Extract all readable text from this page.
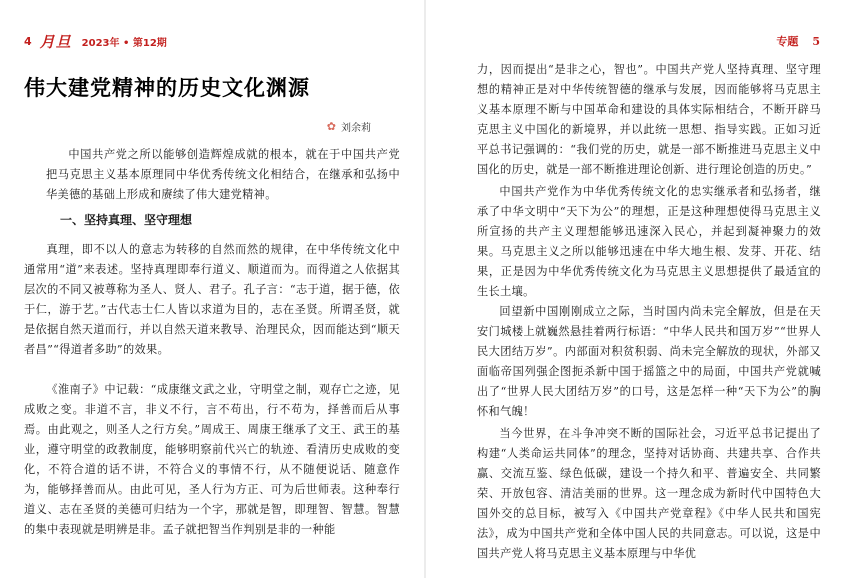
4 月旦 2023年 • 第12期
伟大建党精神的历史文化渊源
✿ 刘余莉

中国共产党之所以能够创造辉煌成就的根本，就在于中国共产党把马克思主义基本原理同中华优秀传统文化相结合，在继承和弘扬中华美德的基础上形成和赓续了伟大建党精神。

一、坚持真理、坚守理想

真理，即不以人的意志为转移的自然而然的规律，在中华传统文化中通常用“道”来表述。坚持真理即奉行道义、顺道而为。而得道之人依据其层次的不同又被尊称为圣人、贤人、君子。孔子言：“志于道，据于德，依于仁，游于艺。”古代志士仁人皆以求道为目的，志在圣贤。所谓圣贤，就是依据自然天道而行，并以自然天道来教导、治理民众，因而能达到“顺天者昌”“得道者多助”的效果。

《淮南子》中记载：“成康继文武之业，守明堂之制，观存亡之迹，见成败之变。非道不言，非义不行，言不苟出，行不苟为，择善而后从事焉。由此观之，则圣人之行方矣。”周成王、周康王继承了文王、武王的基业，遵守明堂的政教制度，能够明察前代兴亡的轨迹、看清历史成败的变化，不符合道的话不讲，不符合义的事情不行，从不随便说话、随意作为，能够择善而从。由此可见，圣人行为方正、可为后世师表。这种奉行道义、志在圣贤的美德可归结为一个字，那就是智，即理智、智慧。智慧的集中表现就是明辨是非。孟子就把智当作判别是非的一种能

专题 5

力，因而提出“是非之心，智也”。中国共产党人坚持真理、坚守理想的精神正是对中华传统智德的继承与发展，因而能够将马克思主义基本原理不断与中国革命和建设的具体实际相结合，不断开辟马克思主义中国化的新境界，并以此统一思想、指导实践。正如习近平总书记强调的：“我们党的历史，就是一部不断推进马克思主义中国化的历史，就是一部不断推进理论创新、进行理论创造的历史。”

中国共产党作为中华优秀传统文化的忠实继承者和弘扬者，继承了中华文明中“天下为公”的理想，正是这种理想使得马克思主义所宣扬的共产主义理想能够迅速深入民心，并起到凝神聚力的效果。马克思主义之所以能够迅速在中华大地生根、发芽、开花、结果，正是因为中华优秀传统文化为马克思主义思想提供了最适宜的生长土壤。

回望新中国刚刚成立之际，当时国内尚未完全解放，但是在天安门城楼上就巍然悬挂着两行标语：“中华人民共和国万岁”“世界人民大团结万岁”。内部面对积贫积弱、尚未完全解放的现状，外部又面临帝国列强企图扼杀新中国于摇篮之中的局面，中国共产党就喊出了“世界人民大团结万岁”的口号，这是怎样一种“天下为公”的胸怀和气魄！

当今世界，在斗争冲突不断的国际社会，习近平总书记提出了构建“人类命运共同体”的理念，坚持对话协商、共建共享、合作共赢、交流互鉴、绿色低碳，建设一个持久和平、普遍安全、共同繁荣、开放包容、清洁美丽的世界。这一理念成为新时代中国特色大国外交的总目标，被写入《中国共产党章程》《中华人民共和国宪法》，成为中国共产党和全体中国人民的共同意志。可以说，这是中国共产党人将马克思主义基本原理与中华优
